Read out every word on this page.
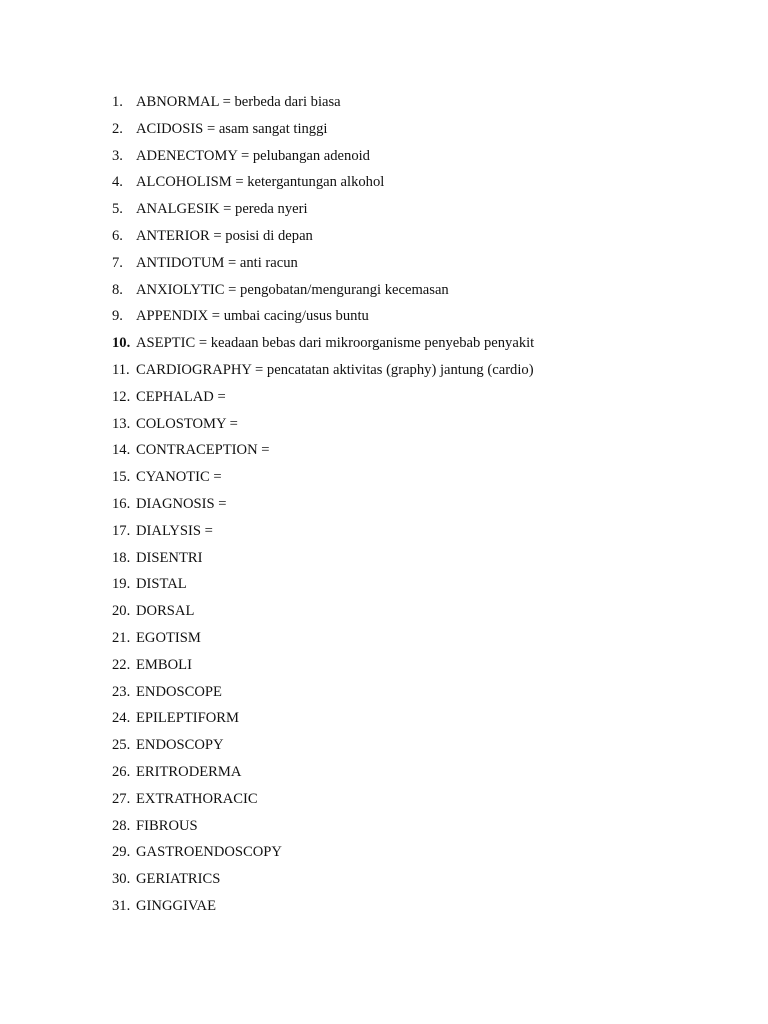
1. ABNORMAL = berbeda dari biasa
2. ACIDOSIS = asam sangat tinggi
3. ADENECTOMY = pelubangan adenoid
4. ALCOHOLISM = ketergantungan alkohol
5. ANALGESIK = pereda nyeri
6. ANTERIOR = posisi di depan
7. ANTIDOTUM = anti racun
8. ANXIOLYTIC = pengobatan/mengurangi kecemasan
9. APPENDIX = umbai cacing/usus buntu
10. ASEPTIC = keadaan bebas dari mikroorganisme penyebab penyakit
11. CARDIOGRAPHY = pencatatan aktivitas (graphy) jantung (cardio)
12. CEPHALAD =
13. COLOSTOMY =
14. CONTRACEPTION =
15. CYANOTIC =
16. DIAGNOSIS =
17. DIALYSIS =
18. DISENTRI
19. DISTAL
20. DORSAL
21. EGOTISM
22. EMBOLI
23. ENDOSCOPE
24. EPILEPTIFORM
25. ENDOSCOPY
26. ERITRODERMA
27. EXTRATHORACIC
28. FIBROUS
29. GASTROENDOSCOPY
30. GERIATRICS
31. GINGGIVAE
